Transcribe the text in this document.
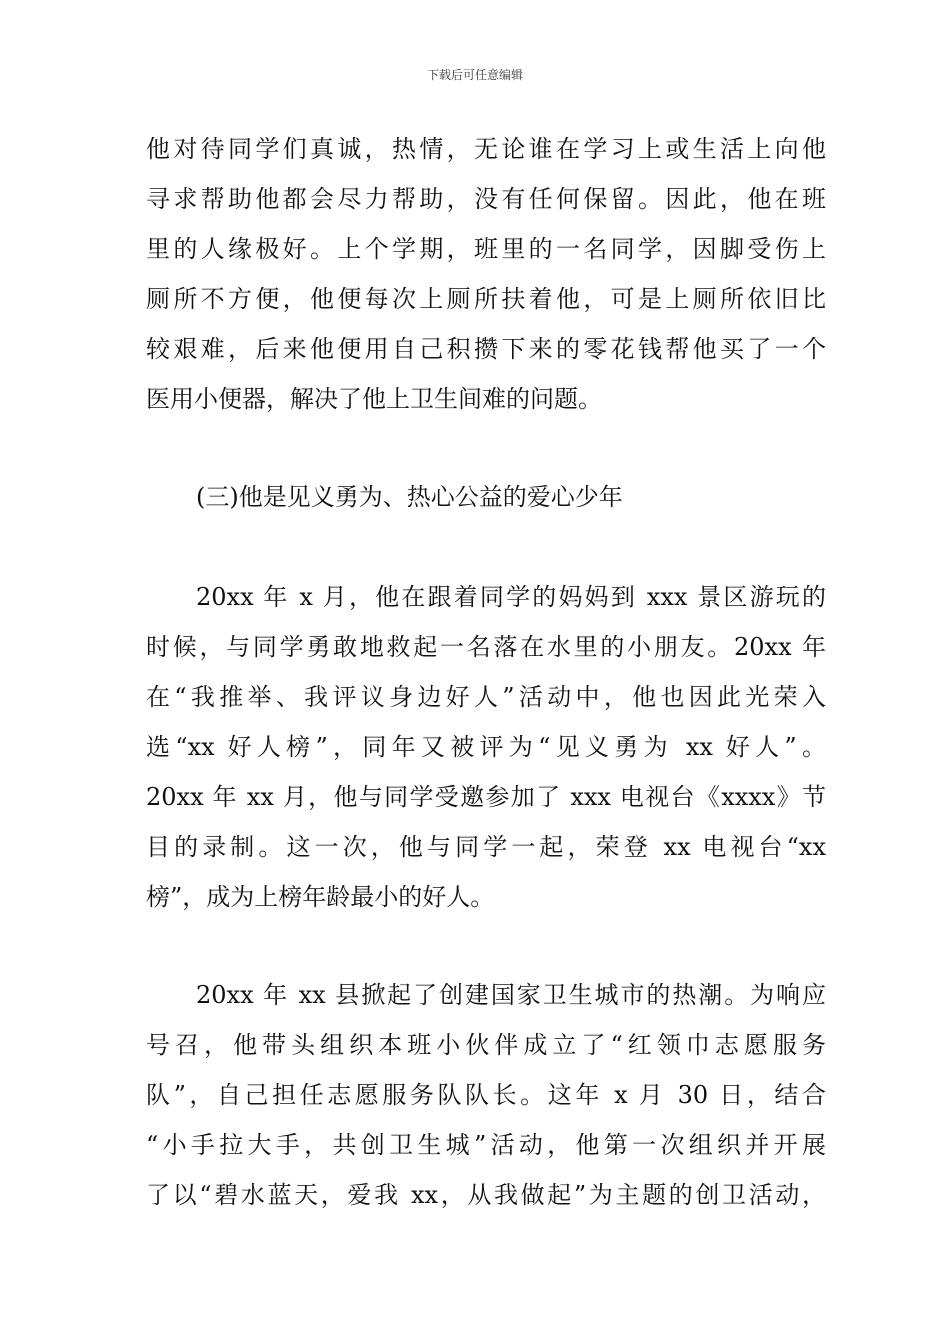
下载后可任意编辑
他对待同学们真诚，热情，无论谁在学习上或生活上向他
寻求帮助他都会尽力帮助，没有任何保留。因此，他在班
里的人缘极好。上个学期，班里的一名同学，因脚受伤上
厕所不方便，他便每次上厕所扶着他，可是上厕所依旧比
较艰难，后来他便用自己积攒下来的零花钱帮他买了一个
医用小便器，解决了他上卫生间难的问题。
(三)他是见义勇为、热心公益的爱心少年
20xx 年 x 月，他在跟着同学的妈妈到 xxx 景区游玩的
时候，与同学勇敢地救起一名落在水里的小朋友。20xx 年
在“我推举、我评议身边好人”活动中，他也因此光荣入
选“xx 好人榜”，同年又被评为“见义勇为 xx 好人”。
20xx 年 xx 月，他与同学受邀参加了 xxx 电视台《xxxx》节
目的录制。这一次，他与同学一起，荣登 xx 电视台“xx
榜”，成为上榜年龄最小的好人。
20xx 年 xx 县掀起了创建国家卫生城市的热潮。为响应
号召，他带头组织本班小伙伴成立了“红领巾志愿服务
队”，自己担任志愿服务队队长。这年 x 月 30 日，结合
“小手拉大手，共创卫生城”活动，他第一次组织并开展
了以“碧水蓝天，爱我 xx，从我做起”为主题的创卫活动，
